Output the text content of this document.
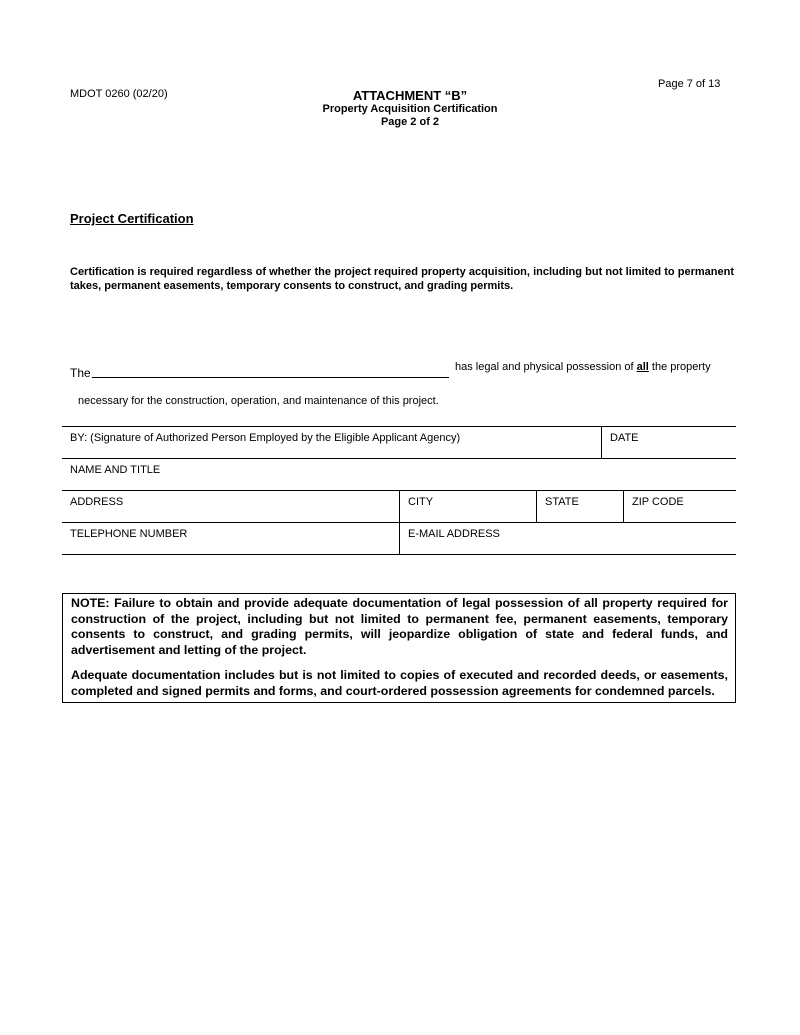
Page 7 of 13
MDOT 0260 (02/20)	ATTACHMENT “B”
Property Acquisition Certification
Page 2 of 2
Project Certification
Certification is required regardless of whether the project required property acquisition, including but not limited to permanent takes, permanent easements, temporary consents to construct, and grading permits.
The	has legal and physical possession of all the property
necessary for the construction, operation, and maintenance of this project.
BY: (Signature of Authorized Person Employed by the Eligible Applicant Agency)	DATE
NAME AND TITLE
ADDRESS	CITY	STATE	ZIP CODE
TELEPHONE NUMBER	E-MAIL ADDRESS

NOTE: Failure to obtain and provide adequate documentation of legal possession of all property required for construction of the project, including but not limited to permanent fee, permanent easements, temporary consents to construct, and grading permits, will jeopardize obligation of state and federal funds, and advertisement and letting of the project.

Adequate documentation includes but is not limited to copies of executed and recorded deeds, or easements, completed and signed permits and forms, and court-ordered possession agreements for condemned parcels.
